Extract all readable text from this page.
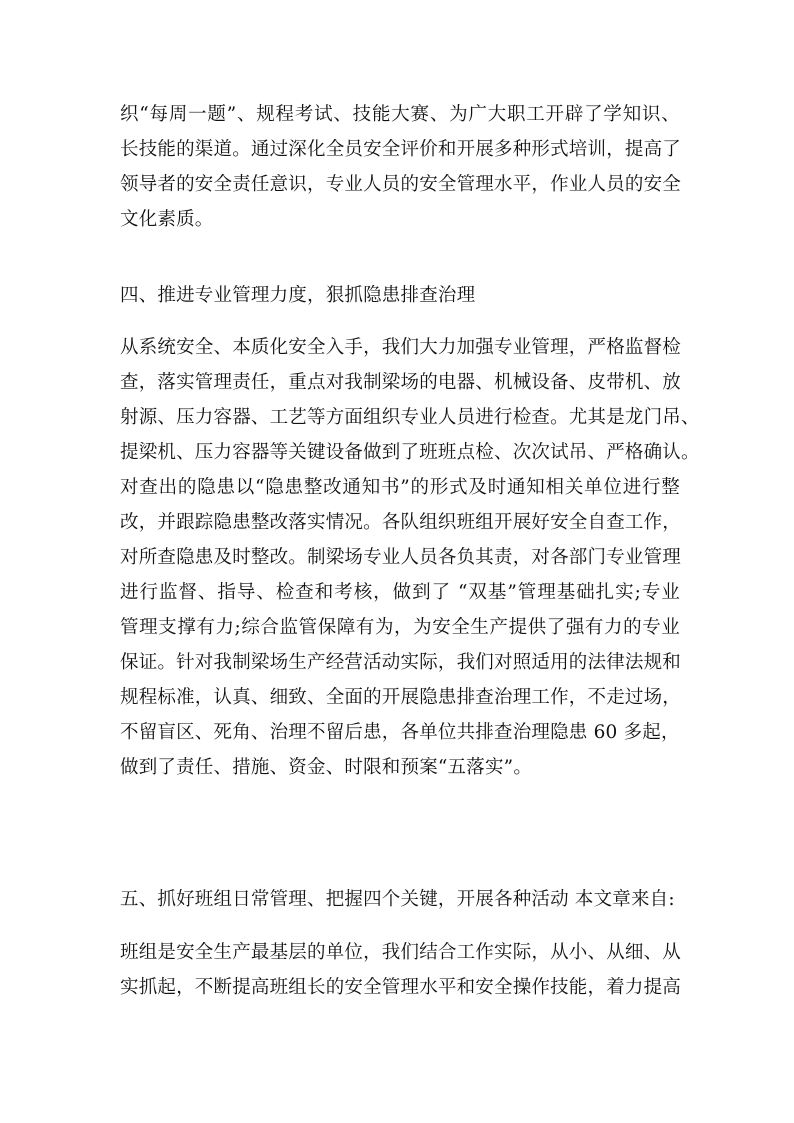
织“每周一题”、规程考试、技能大赛、为广大职工开辟了学知识、
长技能的渠道。通过深化全员安全评价和开展多种形式培训，提高了
领导者的安全责任意识，专业人员的安全管理水平，作业人员的安全
文化素质。
四、推进专业管理力度，狠抓隐患排查治理
从系统安全、本质化安全入手，我们大力加强专业管理，严格监督检
查，落实管理责任，重点对我制梁场的电器、机械设备、皮带机、放
射源、压力容器、工艺等方面组织专业人员进行检查。尤其是龙门吊、
提梁机、压力容器等关键设备做到了班班点检、次次试吊、严格确认。
对查出的隐患以“隐患整改通知书”的形式及时通知相关单位进行整
改，并跟踪隐患整改落实情况。各队组织班组开展好安全自查工作，
对所查隐患及时整改。制梁场专业人员各负其责，对各部门专业管理
进行监督、指导、检查和考核，做到了 “双基”管理基础扎实;专业
管理支撑有力;综合监管保障有为，为安全生产提供了强有力的专业
保证。针对我制梁场生产经营活动实际，我们对照适用的法律法规和
规程标准，认真、细致、全面的开展隐患排查治理工作，不走过场，
不留盲区、死角、治理不留后患，各单位共排查治理隐患 60 多起，
做到了责任、措施、资金、时限和预案“五落实”。
五、抓好班组日常管理、把握四个关键，开展各种活动 本文章来自:
班组是安全生产最基层的单位，我们结合工作实际，从小、从细、从
实抓起，不断提高班组长的安全管理水平和安全操作技能，着力提高
